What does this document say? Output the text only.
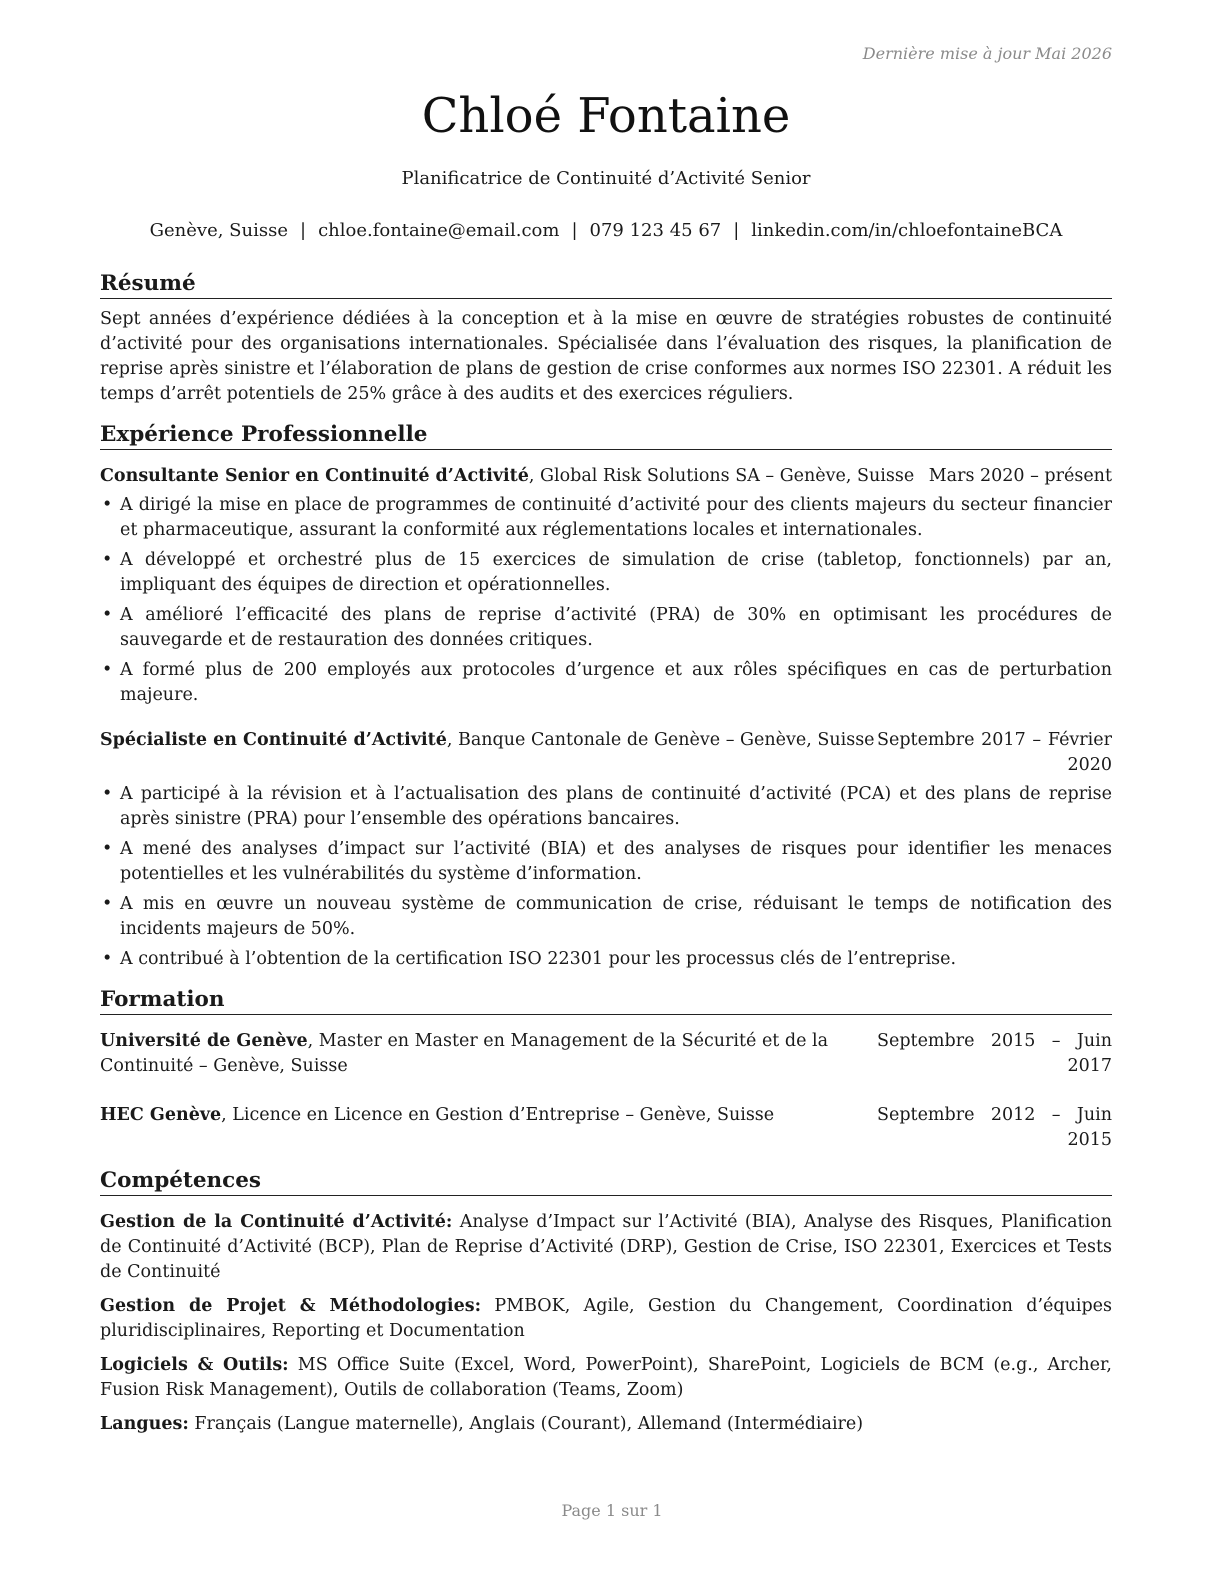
Dernière mise à jour Mai 2026
Chloé Fontaine
Planificatrice de Continuité d’Activité Senior
Genève, Suisse | chloe.fontaine@email.com | 079 123 45 67 | linkedin.com/in/chloefontaineBCA
Résumé

Sept années d’expérience dédiées à la conception et à la mise en œuvre de stratégies robustes de continuité d’activité pour des organisations internationales. Spécialisée dans l’évaluation des risques, la planification de reprise après sinistre et l’élaboration de plans de gestion de crise conformes aux normes ISO 22301. A réduit les temps d’arrêt potentiels de 25% grâce à des audits et des exercices réguliers.

Expérience Professionnelle
Consultante Senior en Continuité d’Activité, Global Risk Solutions SA – Genève, Suisse Mars 2020 – présent
• A dirigé la mise en place de programmes de continuité d’activité pour des clients majeurs du secteur financier et pharmaceutique, assurant la conformité aux réglementations locales et internationales.
• A développé et orchestré plus de 15 exercices de simulation de crise (tabletop, fonctionnels) par an, impliquant des équipes de direction et opérationnelles.
• A amélioré l’efficacité des plans de reprise d’activité (PRA) de 30% en optimisant les procédures de sauvegarde et de restauration des données critiques.
• A formé plus de 200 employés aux protocoles d’urgence et aux rôles spécifiques en cas de perturbation majeure.
Spécialiste en Continuité d’Activité, Banque Cantonale de Genève – Genève, Suisse Septembre 2017 – Février
2020
• A participé à la révision et à l’actualisation des plans de continuité d’activité (PCA) et des plans de reprise après sinistre (PRA) pour l’ensemble des opérations bancaires.
• A mené des analyses d’impact sur l’activité (BIA) et des analyses de risques pour identifier les menaces potentielles et les vulnérabilités du système d’information.
• A mis en œuvre un nouveau système de communication de crise, réduisant le temps de notification des incidents majeurs de 50%.
• A contribué à l’obtention de la certification ISO 22301 pour les processus clés de l’entreprise.
Formation
Université de Genève, Master en Master en Management de la Sécurité et de la Continuité – Genève, Suisse
Septembre 2015 – Juin
2017
HEC Genève, Licence en Licence en Gestion d’Entreprise – Genève, Suisse	Septembre 2012 – Juin
2015
Compétences

Gestion de la Continuité d’Activité: Analyse d’Impact sur l’Activité (BIA), Analyse des Risques, Planification de Continuité d’Activité (BCP), Plan de Reprise d’Activité (DRP), Gestion de Crise, ISO 22301, Exercices et Tests de Continuité

Gestion de Projet & Méthodologies: PMBOK, Agile, Gestion du Changement, Coordination d’équipes pluridisciplinaires, Reporting et Documentation

Logiciels & Outils: MS Office Suite (Excel, Word, PowerPoint), SharePoint, Logiciels de BCM (e.g., Archer, Fusion Risk Management), Outils de collaboration (Teams, Zoom)

Langues: Français (Langue maternelle), Anglais (Courant), Allemand (Intermédiaire)

Page 1 sur 1
